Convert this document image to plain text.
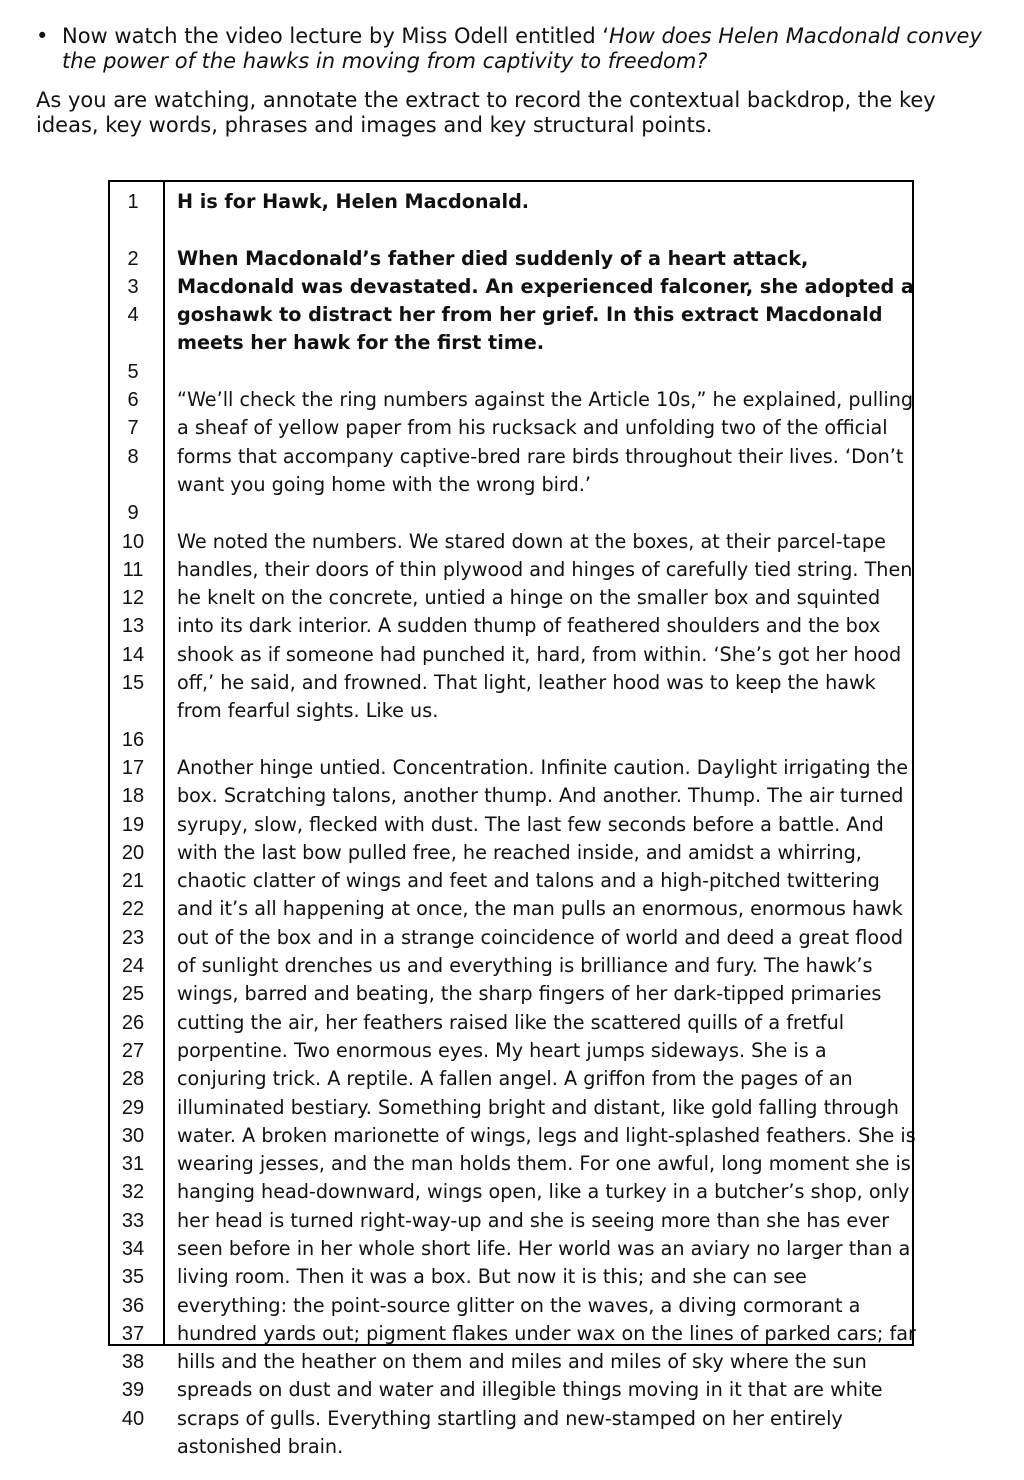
• Now watch the video lecture by Miss Odell entitled ‘How does Helen Macdonald convey the power of the hawks in moving from captivity to freedom?
As you are watching, annotate the extract to record the contextual backdrop, the key ideas, key words, phrases and images and key structural points.
1
2
3
4
5
6
7
8
9
10
11
12
13
14
15
16
17
18
19
20
21
22
23
24
25
26
27
28
29
30
31
32
33
34
35
36
37
38
39
40

H is for Hawk, Helen Macdonald.

When Macdonald’s father died suddenly of a heart attack, Macdonald was devastated. An experienced falconer, she adopted a goshawk to distract her from her grief. In this extract Macdonald meets her hawk for the first time.

“We’ll check the ring numbers against the Article 10s,” he explained, pulling a sheaf of yellow paper from his rucksack and unfolding two of the official forms that accompany captive-bred rare birds throughout their lives. ‘Don’t want you going home with the wrong bird.’

We noted the numbers. We stared down at the boxes, at their parcel-tape handles, their doors of thin plywood and hinges of carefully tied string. Then he knelt on the concrete, untied a hinge on the smaller box and squinted into its dark interior. A sudden thump of feathered shoulders and the box shook as if someone had punched it, hard, from within. ‘She’s got her hood off,’ he said, and frowned. That light, leather hood was to keep the hawk from fearful sights. Like us.

Another hinge untied. Concentration. Infinite caution. Daylight irrigating the box. Scratching talons, another thump. And another. Thump. The air turned syrupy, slow, flecked with dust. The last few seconds before a battle. And with the last bow pulled free, he reached inside, and amidst a whirring, chaotic clatter of wings and feet and talons and a high-pitched twittering and it’s all happening at once, the man pulls an enormous, enormous hawk out of the box and in a strange coincidence of world and deed a great flood of sunlight drenches us and everything is brilliance and fury. The hawk’s wings, barred and beating, the sharp fingers of her dark-tipped primaries cutting the air, her feathers raised like the scattered quills of a fretful porpentine. Two enormous eyes. My heart jumps sideways. She is a conjuring trick. A reptile. A fallen angel. A griffon from the pages of an illuminated bestiary. Something bright and distant, like gold falling through water. A broken marionette of wings, legs and light-splashed feathers. She is wearing jesses, and the man holds them. For one awful, long moment she is hanging head-downward, wings open, like a turkey in a butcher’s shop, only her head is turned right-way-up and she is seeing more than she has ever seen before in her whole short life. Her world was an aviary no larger than a living room. Then it was a box. But now it is this; and she can see everything: the point-source glitter on the waves, a diving cormorant a hundred yards out; pigment flakes under wax on the lines of parked cars; far hills and the heather on them and miles and miles of sky where the sun spreads on dust and water and illegible things moving in it that are white scraps of gulls. Everything startling and new-stamped on her entirely astonished brain.
